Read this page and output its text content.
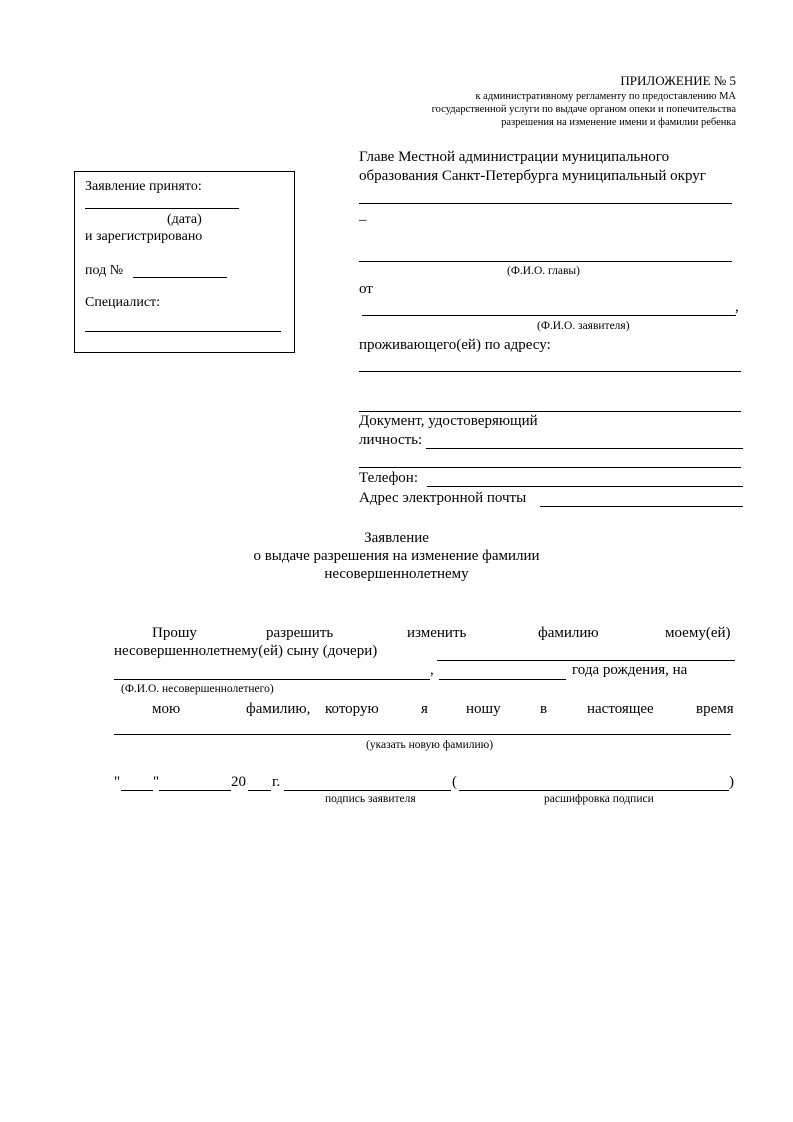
ПРИЛОЖЕНИЕ № 5
к административному регламенту по предоставлению МА
государственной услуги по выдаче органом опеки и попечительства
разрешения на изменение имени и фамилии ребенка
Заявление принято:
(дата)
и зарегистрировано
под №
Специалист:
Главе Местной администрации муниципального
образования Санкт-Петербурга муниципальный округ
_
(Ф.И.О. главы)
от
,
(Ф.И.О. заявителя)
проживающего(ей) по адресу:
Документ, удостоверяющий
личность:
Телефон:
Адрес электронной почты
Заявление
о выдаче разрешения на изменение фамилии
несовершеннолетнему
Прошу	разрешить	изменить	фамилию	моему(ей)
несовершеннолетнему(ей) сыну (дочери)
,	года рождения, на
(Ф.И.О. несовершеннолетнего)
мою	фамилию, которую	я	ношу	в	настоящее	время
(указать новую фамилию)
" "	20 г.	(	)
подпись заявителя	расшифровка подписи
